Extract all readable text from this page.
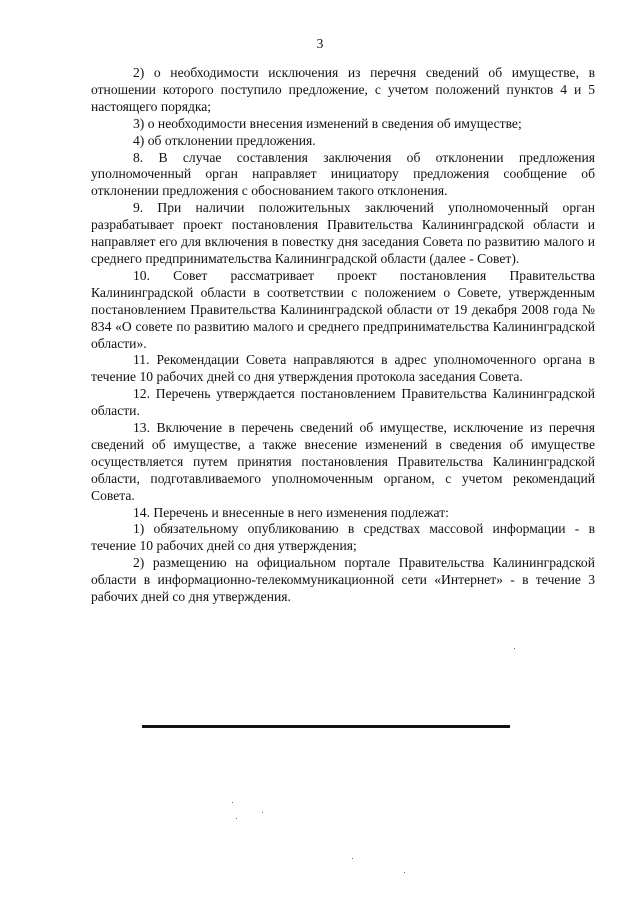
3

2) о необходимости исключения из перечня сведений об имуществе, в отношении которого поступило предложение, с учетом положений пунктов 4 и 5 настоящего порядка;

3) о необходимости внесения изменений в сведения об имуществе;

4) об отклонении предложения.

8. В случае составления заключения об отклонении предложения уполномоченный орган направляет инициатору предложения сообщение об отклонении предложения с обоснованием такого отклонения.

9. При наличии положительных заключений уполномоченный орган разрабатывает проект постановления Правительства Калининградской области и направляет его для включения в повестку дня заседания Совета по развитию малого и среднего предпринимательства Калининградской области (далее - Совет).

10. Совет рассматривает проект постановления Правительства Калининградской области в соответствии с положением о Совете, утвержденным постановлением Правительства Калининградской области от 19 декабря 2008 года № 834 «О совете по развитию малого и среднего предпринимательства Калининградской области».

11. Рекомендации Совета направляются в адрес уполномоченного органа в течение 10 рабочих дней со дня утверждения протокола заседания Совета.

12. Перечень утверждается постановлением Правительства Калининградской области.

13. Включение в перечень сведений об имуществе, исключение из перечня сведений об имуществе, а также внесение изменений в сведения об имуществе осуществляется путем принятия постановления Правительства Калининградской области, подготавливаемого уполномоченным органом, с учетом рекомендаций Совета.

14. Перечень и внесенные в него изменения подлежат:

1) обязательному опубликованию в средствах массовой информации - в течение 10 рабочих дней со дня утверждения;

2) размещению на официальном портале Правительства Калининградской области в информационно-телекоммуникационной сети «Интернет» - в течение 3 рабочих дней со дня утверждения.
